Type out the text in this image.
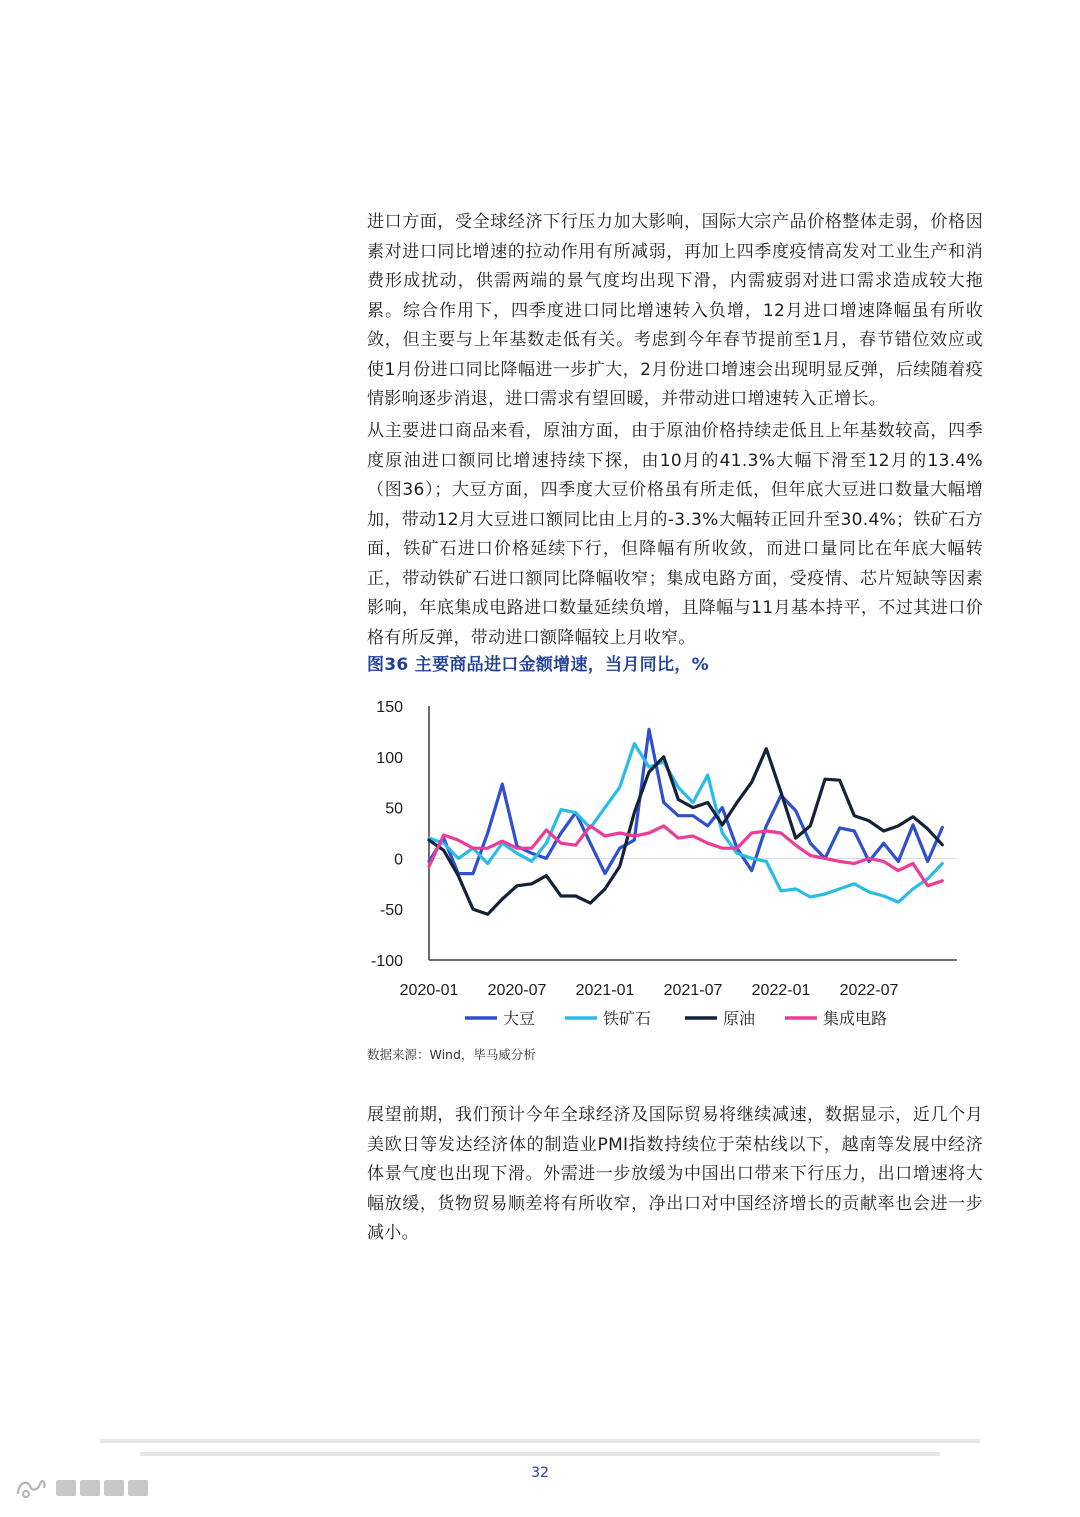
进口方面，受全球经济下行压力加大影响，国际大宗产品价格整体走弱，价格因素对进口同比增速的拉动作用有所减弱，再加上四季度疫情高发对工业生产和消费形成扰动，供需两端的景气度均出现下滑，内需疲弱对进口需求造成较大拖累。综合作用下，四季度进口同比增速转入负增，12月进口增速降幅虽有所收敛，但主要与上年基数走低有关。考虑到今年春节提前至1月，春节错位效应或使1月份进口同比降幅进一步扩大，2月份进口增速会出现明显反弹，后续随着疫情影响逐步消退，进口需求有望回暖，并带动进口增速转入正增长。

从主要进口商品来看，原油方面，由于原油价格持续走低且上年基数较高，四季度原油进口额同比增速持续下探，由10月的41.3%大幅下滑至12月的13.4%（图36）；大豆方面，四季度大豆价格虽有所走低，但年底大豆进口数量大幅增加，带动12月大豆进口额同比由上月的-3.3%大幅转正回升至30.4%；铁矿石方面，铁矿石进口价格延续下行，但降幅有所收敛，而进口量同比在年底大幅转正，带动铁矿石进口额同比降幅收窄；集成电路方面，受疫情、芯片短缺等因素影响，年底集成电路进口数量延续负增，且降幅与11月基本持平，不过其进口价格有所反弹，带动进口额降幅较上月收窄。

图36 主要商品进口金额增速，当月同比，%
150
100
50
0
-50
-100
2020-01 2020-07 2021-01 2021-07 2022-01 2022-07
大豆	铁矿石	原油	集成电路
数据来源：Wind，毕马威分析

展望前期，我们预计今年全球经济及国际贸易将继续减速，数据显示，近几个月美欧日等发达经济体的制造业PMI指数持续位于荣枯线以下，越南等发展中经济体景气度也出现下滑。外需进一步放缓为中国出口带来下行压力，出口增速将大幅放缓，货物贸易顺差将有所收窄，净出口对中国经济增长的贡献率也会进一步减小。

32
